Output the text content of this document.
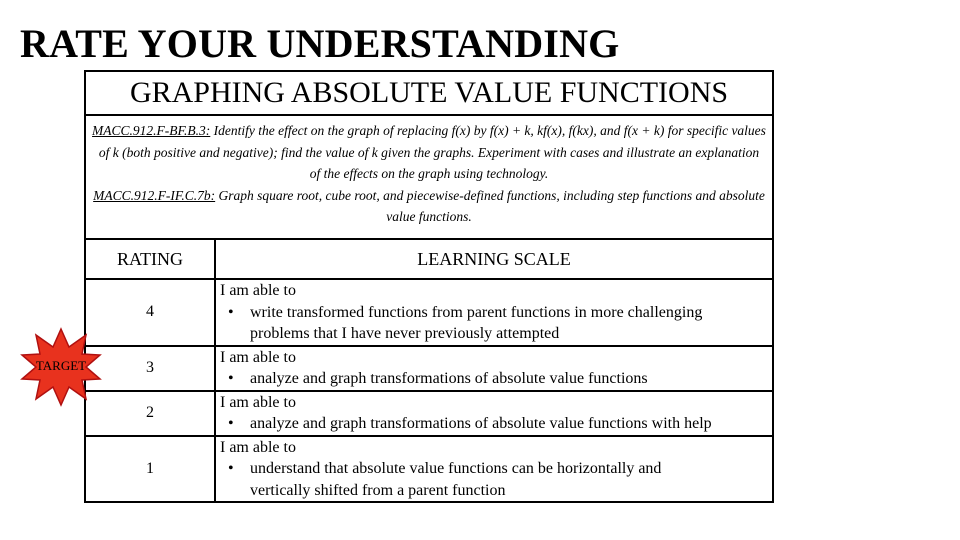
RATE YOUR UNDERSTANDING
GRAPHING ABSOLUTE VALUE FUNCTIONS	
MACC.912.F-BF.B.3: Identify the effect on the graph of replacing f(x) by f(x) + k, kf(x), f(kx), and f(x + k) for specific values of k (both positive and negative); find the value of k given the graphs. Experiment with cases and illustrate an explanation of the effects on the graph using technology.
MACC.912.F-IF.C.7b: Graph square root, cube root, and piecewise-defined functions, including step functions and absolute value functions.	
RATING	LEARNING SCALE
4	I am able to
• write transformed functions from parent functions in more challenging
problems that I have never previously attempted

3	I am able to
• analyze and graph transformations of absolute value functions

2	I am able to
• analyze and graph transformations of absolute value functions with help

1	I am able to
• understand that absolute value functions can be horizontally and
vertically shifted from a parent function
TARGET
